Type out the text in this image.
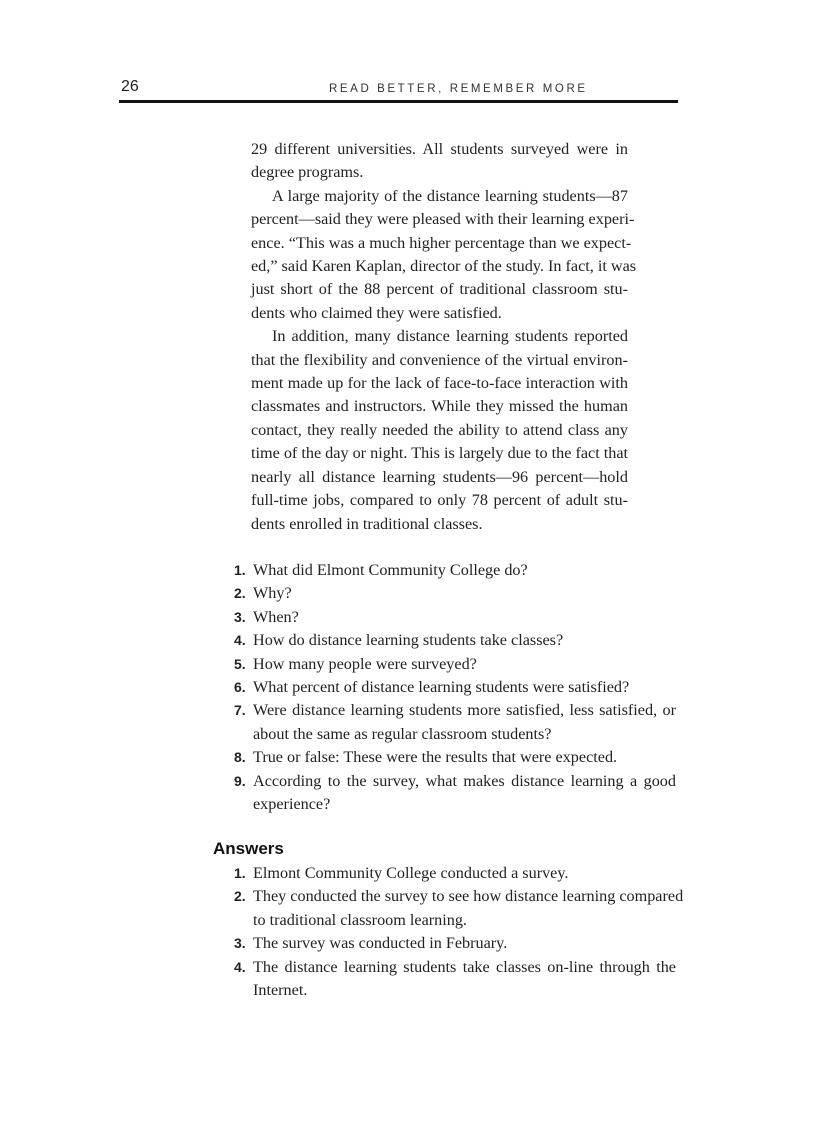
26	READ BETTER, REMEMBER MORE
29 different universities. All students surveyed were in
degree programs.
A large majority of the distance learning students—87
percent—said they were pleased with their learning experi-
ence. “This was a much higher percentage than we expect-
ed,” said Karen Kaplan, director of the study. In fact, it was
just short of the 88 percent of traditional classroom stu-
dents who claimed they were satisfied.
In addition, many distance learning students reported
that the flexibility and convenience of the virtual environ-
ment made up for the lack of face-to-face interaction with
classmates and instructors. While they missed the human
contact, they really needed the ability to attend class any
time of the day or night. This is largely due to the fact that
nearly all distance learning students—96 percent—hold
full-time jobs, compared to only 78 percent of adult stu-
dents enrolled in traditional classes.
1. What did Elmont Community College do?
2. Why?
3. When?
4. How do distance learning students take classes?
5. How many people were surveyed?
6. What percent of distance learning students were satisfied?
7. Were distance learning students more satisfied, less satisfied, or
about the same as regular classroom students?
8. True or false: These were the results that were expected.
9. According to the survey, what makes distance learning a good
experience?
Answers
1. Elmont Community College conducted a survey.
2. They conducted the survey to see how distance learning compared
to traditional classroom learning.
3. The survey was conducted in February.
4. The distance learning students take classes on-line through the
Internet.
